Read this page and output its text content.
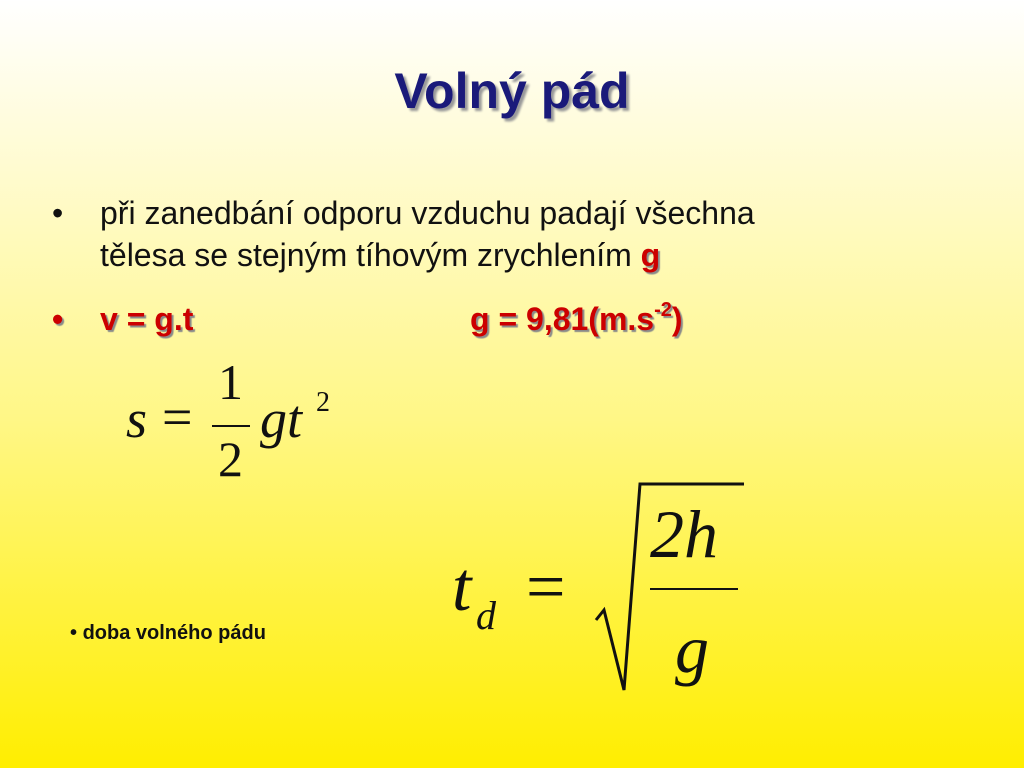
Volný pád
• při zanedbání odporu vzduchu padají všechna
tělesa se stejným tíhovým zrychlením g
• v = g.t	$g = 9,81(m.s^{-2})$
s =
1
2
gt 2
t d =
2h
g
• doba volného pádu
